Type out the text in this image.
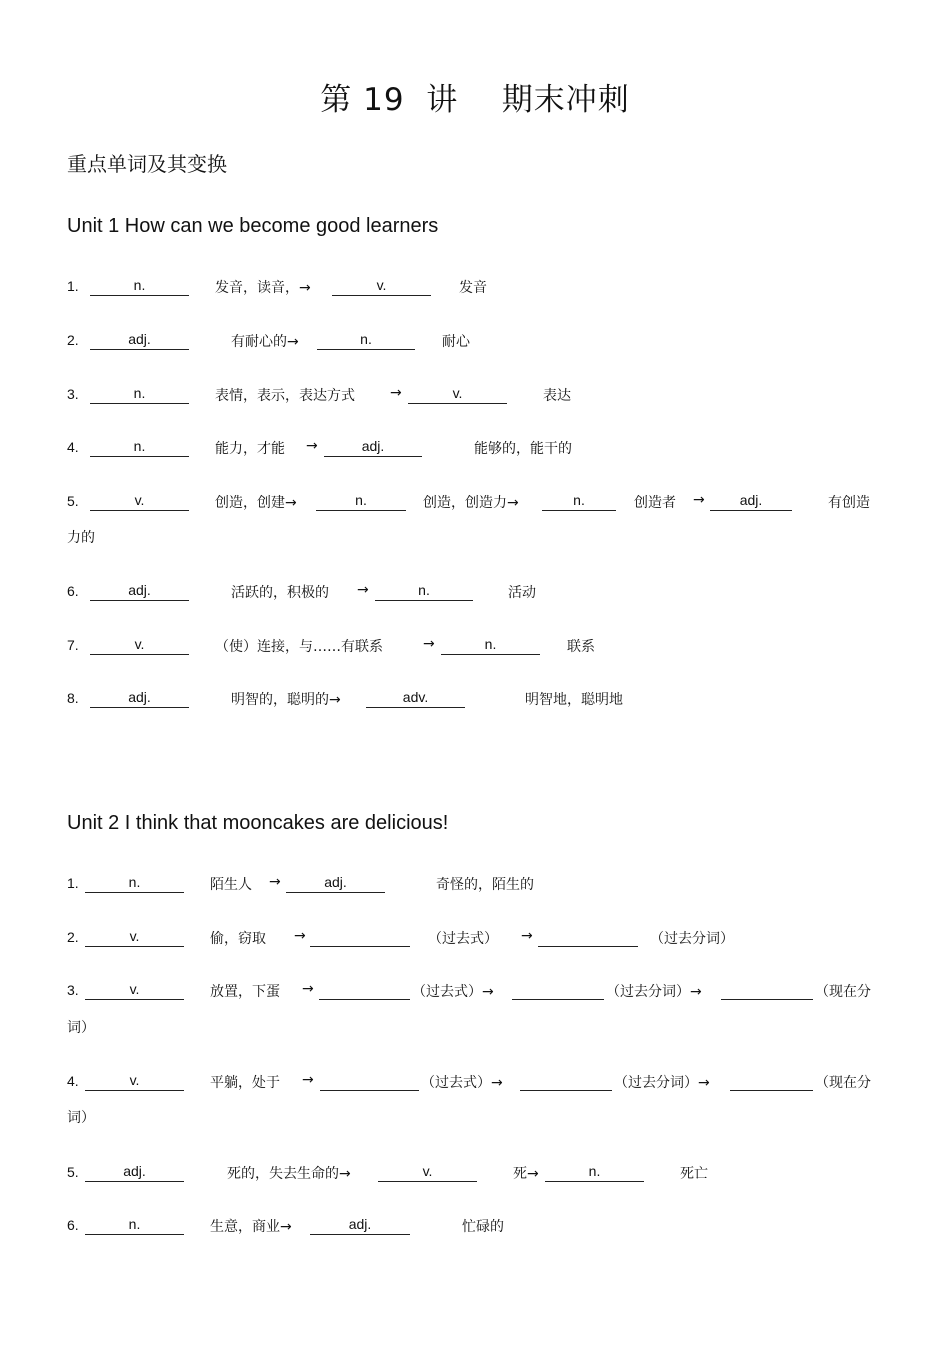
第 19  讲    期末冲刺
重点单词及其变换
Unit 1 How can we become good learners
1.	n.	发音，读音，→	v.	发音
2.	adj.	有耐心的→	n.	耐心
3.	n.	表情，表示，表达方式	→	v.	表达
4.	n.	能力，才能 →	adj.	能够的，能干的
5.	v.	创造，创建→	n.	创造，创造力→	n.	创造者 →	adj.	有创造
力的
6.	adj.	活跃的，积极的 →	n.	活动
7.	v.	（使）连接，与……有联系	→	n.	联系
8.	adj.	明智的，聪明的→	adv.	明智地，聪明地
Unit 2 I think that mooncakes are delicious!
1.	n.	陌生人 →	adj.	奇怪的，陌生的
2.	v.	偷，窃取 →	（过去式） →	（过去分词）
3.	v.	放置，下蛋 →	（过去式）→	（过去分词）→	（现在分
词）
4.	v.	平躺，处于 →	（过去式）→	（过去分词）→	（现在分
词）
5.	adj.	死的，失去生命的→	v.	死→	n.	死亡
6.	n.	生意，商业→	adj.	忙碌的
